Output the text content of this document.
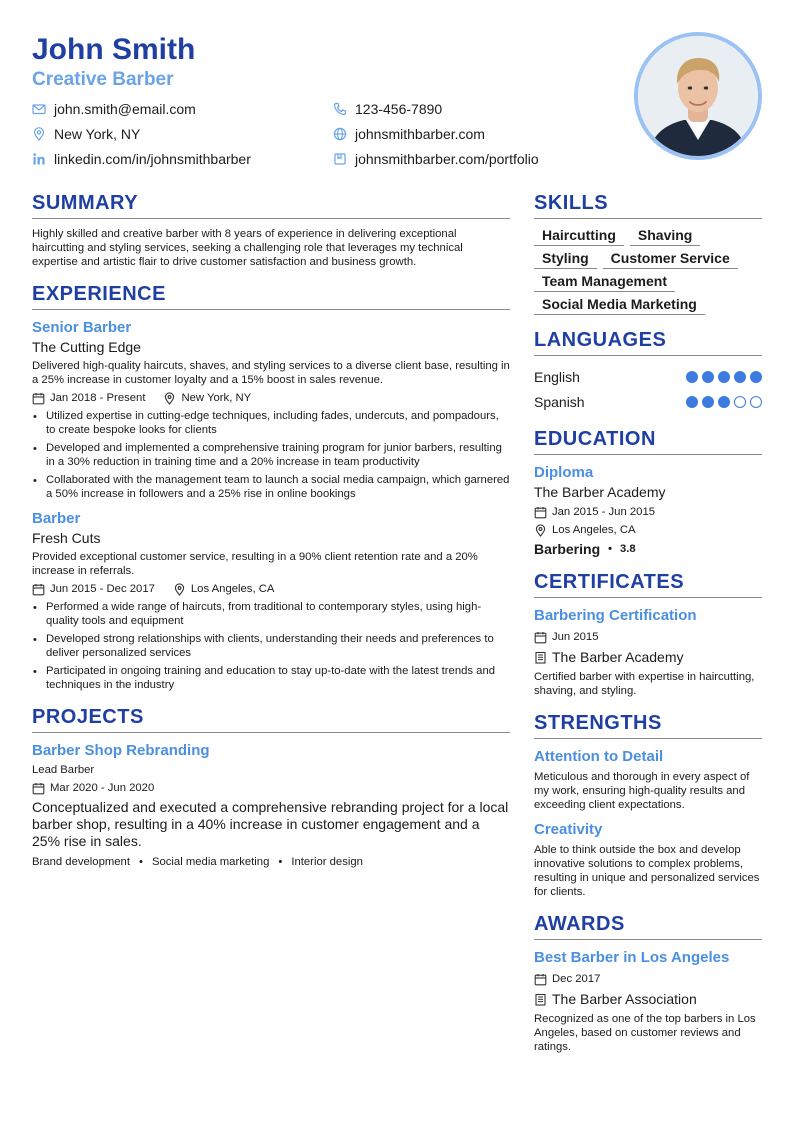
John Smith
Creative Barber
john.smith@email.com	123-456-7890
New York, NY	johnsmithbarber.com
linkedin.com/in/johnsmithbarber	johnsmithbarber.com/portfolio
SUMMARY
Highly skilled and creative barber with 8 years of experience in delivering exceptional haircutting and styling services, seeking a challenging role that leverages my technical expertise and artistic flair to drive customer satisfaction and business growth.
EXPERIENCE
Senior Barber
The Cutting Edge
Delivered high-quality haircuts, shaves, and styling services to a diverse client base, resulting in a 25% increase in customer loyalty and a 15% boost in sales revenue.
Jan 2018 - Present	New York, NY
• Utilized expertise in cutting-edge techniques, including fades, undercuts, and pompadours, to create bespoke looks for clients
• Developed and implemented a comprehensive training program for junior barbers, resulting in a 30% reduction in training time and a 20% increase in team productivity
• Collaborated with the management team to launch a social media campaign, which garnered a 50% increase in followers and a 25% rise in online bookings
Barber
Fresh Cuts
Provided exceptional customer service, resulting in a 90% client retention rate and a 20% increase in referrals.
Jun 2015 - Dec 2017	Los Angeles, CA
• Performed a wide range of haircuts, from traditional to contemporary styles, using high-quality tools and equipment
• Developed strong relationships with clients, understanding their needs and preferences to deliver personalized services
• Participated in ongoing training and education to stay up-to-date with the latest trends and techniques in the industry
PROJECTS
Barber Shop Rebranding
Lead Barber
Mar 2020 - Jun 2020
Conceptualized and executed a comprehensive rebranding project for a local barber shop, resulting in a 40% increase in customer engagement and a 25% rise in sales.
Brand development • Social media marketing • Interior design
SKILLS
Haircutting	Shaving
Styling	Customer Service
Team Management
Social Media Marketing
LANGUAGES
English
Spanish
EDUCATION
Diploma
The Barber Academy
Jan 2015 - Jun 2015
Los Angeles, CA
Barbering • 3.8
CERTIFICATES
Barbering Certification
Jun 2015
The Barber Academy
Certified barber with expertise in haircutting, shaving, and styling.
STRENGTHS
Attention to Detail
Meticulous and thorough in every aspect of my work, ensuring high-quality results and exceeding client expectations.
Creativity
Able to think outside the box and develop innovative solutions to complex problems, resulting in unique and personalized services for clients.
AWARDS
Best Barber in Los Angeles
Dec 2017
The Barber Association
Recognized as one of the top barbers in Los Angeles, based on customer reviews and ratings.
